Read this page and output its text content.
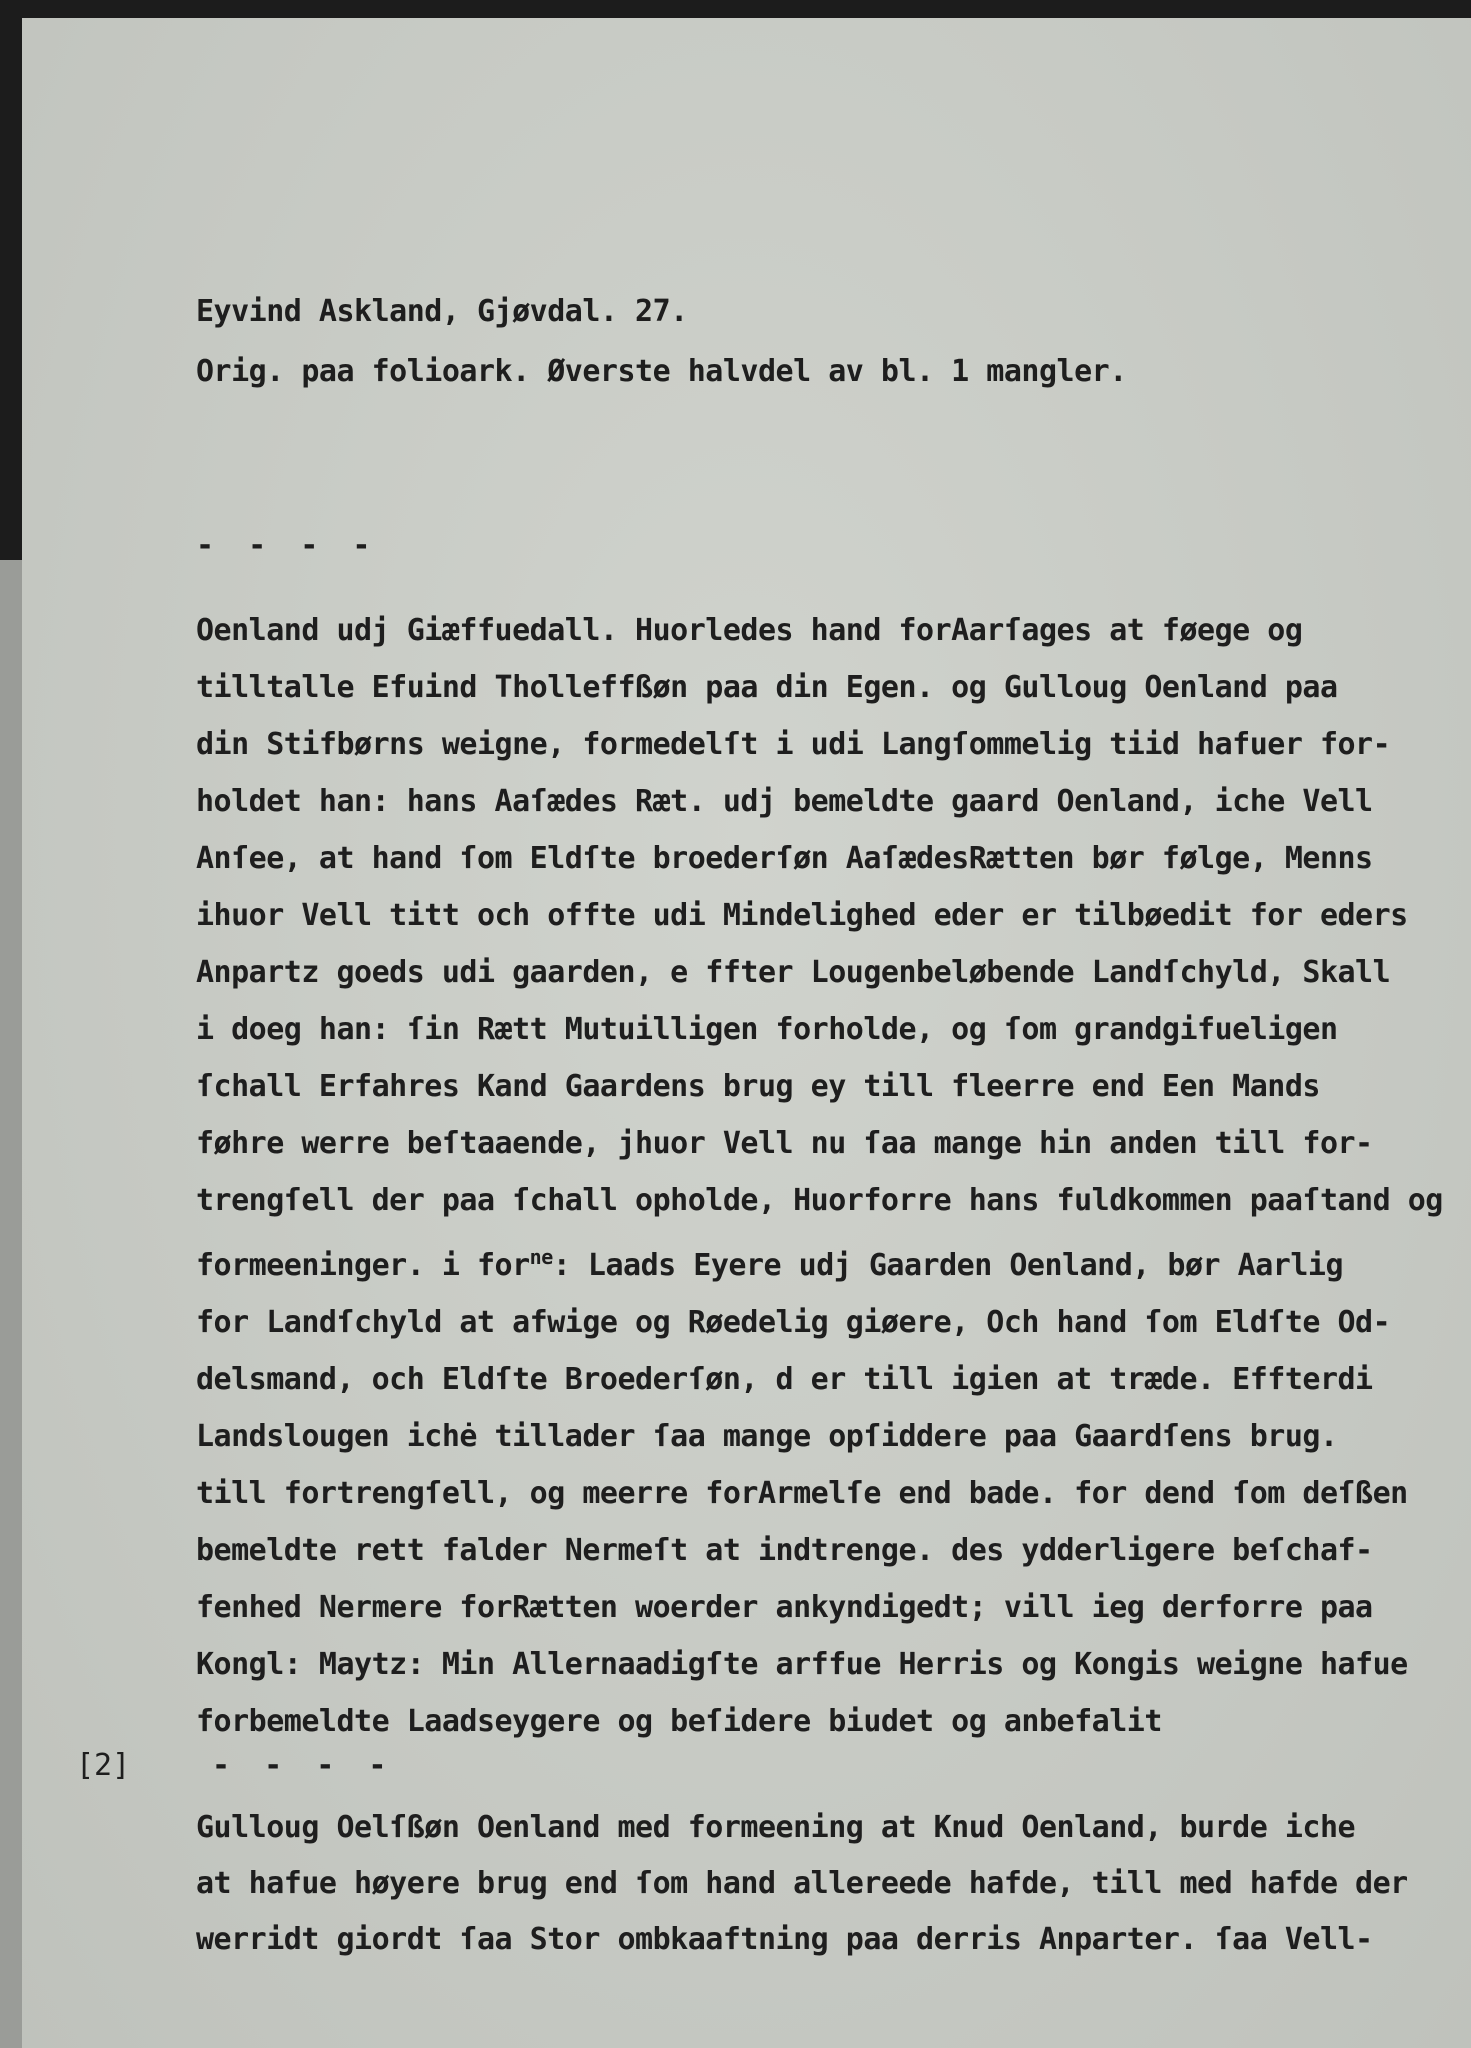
Eyvind Askland, Gjøvdal. 27.
Orig. paa folioark. Øverste halvdel av bl. 1 mangler.
- - - -
Oenland udj Giæffuedall. Huorledes hand forAarſages at føege og
tilltalle Efuind Tholleffßøn paa din Egen. og Gulloug Oenland paa
din Stifbørns weigne, formedelſt i udi Langſommelig tiid hafuer for-
holdet han: hans Aaſædes Ræt. udj bemeldte gaard Oenland, iche Vell
Anſee, at hand ſom Eldſte broederſøn AaſædesRætten bør følge, Menns
ihuor Vell titt och offte udi Mindelighed eder er tilbøedit for eders
Anpartz goeds udi gaarden, e ffter Lougenbeløbende Landſchyld, Skall
i doeg han: ſin Rætt Mutuilligen forholde, og ſom grandgifueligen
ſchall Erfahres Kand Gaardens brug ey till fleerre end Een Mands
føhre werre beſtaaende, jhuor Vell nu ſaa mange hin anden till for-
trengſell der paa ſchall opholde, Huorforre hans fuldkommen paaſtand og
formeeninger. i for$^{ne}$: Laads Eyere udj Gaarden Oenland, bør Aarlig
for Landſchyld at afwige og Røedelig giøere, Och hand ſom Eldſte Od-
delsmand, och Eldſte Broederſøn, d er till igien at træde. Effterdi
Landslougen ichė tillader ſaa mange opſiddere paa Gaardſens brug.
till fortrengſell, og meerre forArmelſe end bade. for dend ſom deſßen
bemeldte rett falder Nermeſt at indtrenge. des ydderligere beſchaf-
fenhed Nermere forRætten woerder ankyndigedt; vill ieg derforre paa
Kongl: Maytz: Min Allernaadigſte arffue Herris og Kongis weigne hafue
forbemeldte Laadseygere og beſidere biudet og anbefalit
[2]	- - - -
Gulloug Oelſßøn Oenland med formeening at Knud Oenland, burde iche
at hafue høyere brug end ſom hand allereede hafde, till med hafde der
werridt giordt ſaa Stor ombkaaftning paa derris Anparter. ſaa Vell-
